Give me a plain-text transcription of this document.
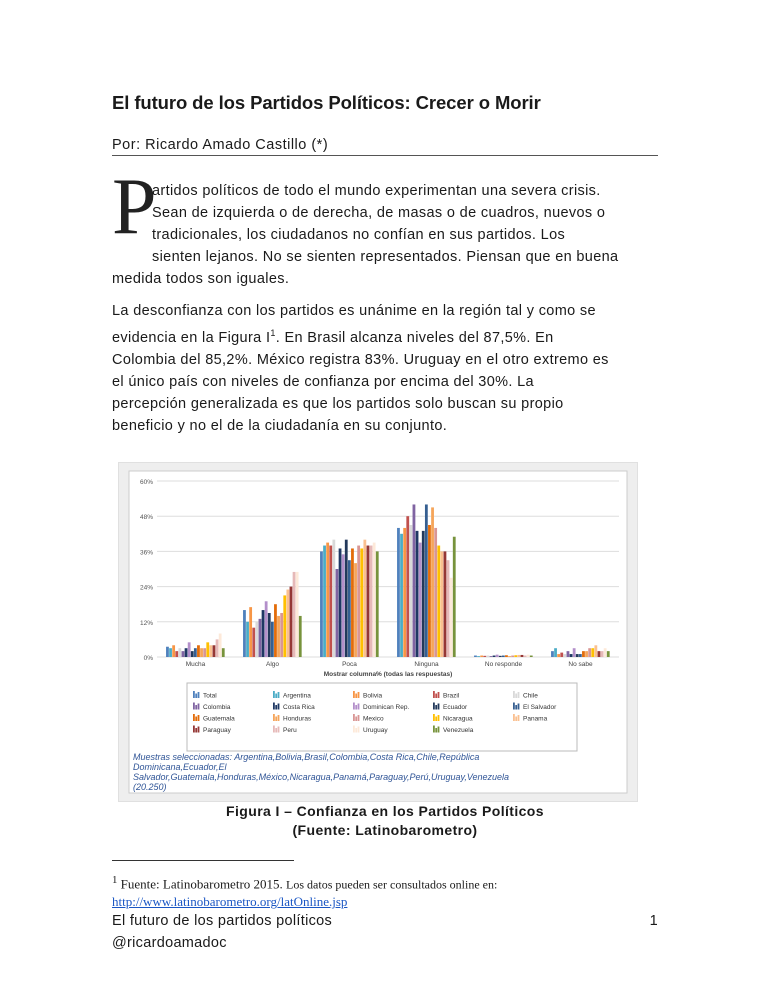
El futuro de los Partidos Políticos: Crecer o Morir
Por: Ricardo Amado Castillo (*)
P
artidos políticos de todo el mundo experimentan una severa crisis.
Sean de izquierda o de derecha, de masas o de cuadros, nuevos o
tradicionales, los ciudadanos no confían en sus partidos. Los
sienten lejanos. No se sienten representados. Piensan que en buena
medida todos son iguales.
La desconfianza con los partidos es unánime en la región tal y como se
evidencia en la Figura $I^1$. En Brasil alcanza niveles del 87,5%. En
Colombia del 85,2%. México registra 83%. Uruguay en el otro extremo es
el único país con niveles de confianza por encima del 30%. La
percepción generalizada es que los partidos solo buscan su propio
beneficio y no el de la ciudadanía en su conjunto.
0%
12%
24%
36%
48%
60%
Mucha	Algo	Poca	Ninguna	No responde	No sabe
Mostrar columna% (todas las respuestas)
Total	Argentina	Bolivia	Brazil	Chile
Colombia	Costa Rica	Dominican Rep.	Ecuador	El Salvador
Guatemala	Honduras	Mexico	Nicaragua	Panama
Paraguay	Peru	Uruguay	Venezuela
Muestras seleccionadas: Argentina,Bolivia,Brasil,Colombia,Costa Rica,Chile,República
Dominicana,Ecuador,El
Salvador,Guatemala,Honduras,México,Nicaragua,Panamá,Paraguay,Perú,Uruguay,Venezuela
(20.250)
Figura I – Confianza en los Partidos Políticos
(Fuente: Latinobarometro)
$^1$ Fuente: Latinobarometro 2015. Los datos pueden ser consultados online en:
http://www.latinobarometro.org/latOnline.jsp
El futuro de los partidos políticos
@ricardoamadoc
1
